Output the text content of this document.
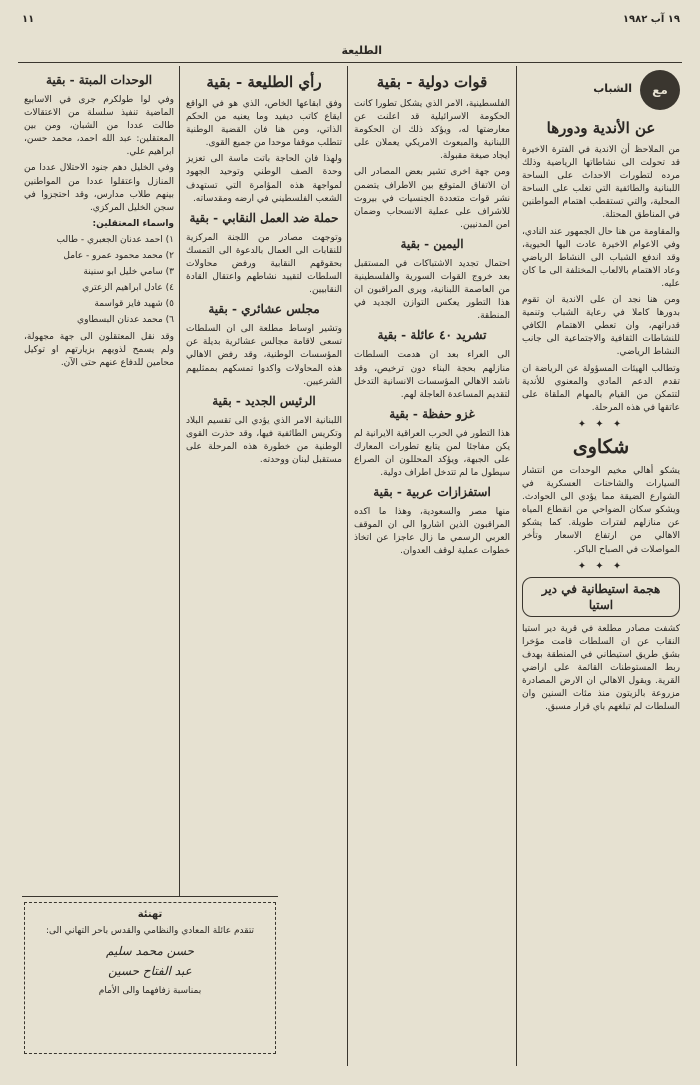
١٩ آب ١٩٨٢
١١
الطليعة
مع
الشباب
عن الأندية ودورها

من الملاحظ أن الاندية في الفترة الاخيرة قد تحولت الى نشاطاتها الرياضية وذلك مرده لتطورات الاحداث على الساحة اللبنانية والطائفية التي تغلب على الساحة المحلية، والتي تستقطب اهتمام المواطنين في المناطق المحتلة.

والمقاومة من هنا حال الجمهور عند النادي، وفي الاعوام الاخيرة عادت اليها الحيوية، وقد اندفع الشباب الى النشاط الرياضي وعاد الاهتمام بالالعاب المختلفة الى ما كان عليه.

ومن هنا نجد ان على الاندية ان تقوم بدورها كاملا في رعاية الشباب وتنمية قدراتهم، وان تعطي الاهتمام الكافي للنشاطات الثقافية والاجتماعية الى جانب النشاط الرياضي.

وتطالب الهيئات المسؤولة عن الرياضة ان تقدم الدعم المادي والمعنوي للأندية لتتمكن من القيام بالمهام الملقاة على عاتقها في هذه المرحلة.

✦ ✦ ✦
شكاوى

يشكو أهالي مخيم الوحدات من انتشار السيارات والشاحنات العسكرية في الشوارع الضيقة مما يؤدي الى الحوادث. ويشكو سكان الضواحي من انقطاع المياه عن منازلهم لفترات طويلة. كما يشكو الاهالي من ارتفاع الاسعار وتأخر المواصلات في الصباح الباكر.

✦ ✦ ✦
هجمة استيطانية في دير استيا

كشفت مصادر مطلعة في قرية دير استيا النقاب عن ان السلطات قامت مؤخرا بشق طريق استيطاني في المنطقة بهدف ربط المستوطنات القائمة على اراضي القرية. ويقول الاهالي ان الارض المصادرة مزروعة بالزيتون منذ مئات السنين وان السلطات لم تبلغهم باي قرار مسبق.

قوات دولية - بقية

الفلسطينية، الامر الذي يشكل تطورا كانت الحكومة الاسرائيلية قد اعلنت عن معارضتها له، ويؤكد ذلك ان الحكومة اللبنانية والمبعوث الامريكي يعملان على ايجاد صيغة مقبولة.

ومن جهة اخرى تشير بعض المصادر الى ان الاتفاق المتوقع بين الاطراف يتضمن نشر قوات متعددة الجنسيات في بيروت للاشراف على عملية الانسحاب وضمان امن المدنيين.

اليمين - بقية

احتمال تجديد الاشتباكات في المستقبل بعد خروج القوات السورية والفلسطينية من العاصمة اللبنانية، ويرى المراقبون ان هذا التطور يعكس التوازن الجديد في المنطقة.

تشريد ٤٠ عائلة - بقية

الى العراء بعد ان هدمت السلطات منازلهم بحجة البناء دون ترخيص، وقد ناشد الاهالي المؤسسات الانسانية التدخل لتقديم المساعدة العاجلة لهم.

غزو حفظة - بقية

هذا التطور في الحرب العراقية الايرانية لم يكن مفاجئا لمن يتابع تطورات المعارك على الجبهة، ويؤكد المحللون ان الصراع سيطول ما لم تتدخل اطراف دولية.

استفزازات عربية - بقية

منها مصر والسعودية، وهذا ما اكده المراقبون الذين اشاروا الى ان الموقف العربي الرسمي ما زال عاجزا عن اتخاذ خطوات عملية لوقف العدوان.

رأي الطليعة - بقية

وفق ابقاعها الخاص، الذي هو في الواقع ايقاع كاتب ديفيد وما يعنيه من الحكم الذاتي، ومن هنا فان القضية الوطنية تتطلب موقفا موحدا من جميع القوى.

ولهذا فان الحاجة باتت ماسة الى تعزيز وحدة الصف الوطني وتوحيد الجهود لمواجهة هذه المؤامرة التي تستهدف الشعب الفلسطيني في ارضه ومقدساته.

حملة ضد العمل النقابي - بقية

وتوجهت مصادر من اللجنة المركزية للنقابات الى العمال بالدعوة الى التمسك بحقوقهم النقابية ورفض محاولات السلطات لتقييد نشاطهم واعتقال القادة النقابيين.

مجلس عشائري - بقية

وتشير اوساط مطلعة الى ان السلطات تسعى لاقامة مجالس عشائرية بديلة عن المؤسسات الوطنية، وقد رفض الاهالي هذه المحاولات واكدوا تمسكهم بممثليهم الشرعيين.

الرئيس الجديد - بقية

اللبنانية الامر الذي يؤدي الى تقسيم البلاد وتكريس الطائفية فيها، وقد حذرت القوى الوطنية من خطورة هذه المرحلة على مستقبل لبنان ووحدته.

الوحدات المبتة - بقية

وفي لوا طولكرم جرى في الاسابيع الماضية تنفيذ سلسلة من الاعتقالات طالت عددا من الشبان، ومن بين المعتقلين: عبد الله احمد، محمد حسن، ابراهيم علي.

وفي الخليل دهم جنود الاحتلال عددا من المنازل واعتقلوا عددا من المواطنين بينهم طلاب مدارس، وقد احتجزوا في سجن الخليل المركزي.

واسماء المعتقلين:

١) احمد عدنان الجعبري - طالب

٢) محمد محمود عمرو - عامل

٣) سامي خليل ابو سنينة

٤) عادل ابراهيم الزعتري

٥) شهيد فايز قواسمة

٦) محمد عدنان البسطاوي

وقد نقل المعتقلون الى جهة مجهولة، ولم يسمح لذويهم بزيارتهم او توكيل محامين للدفاع عنهم حتى الآن.

تهنئة
تتقدم عائلة المعادي والنظامي والقدس باحر التهاني الى:
حسن محمد سليم
عبد الفتاح حسين
بمناسبة زفافهما والى الأمام
